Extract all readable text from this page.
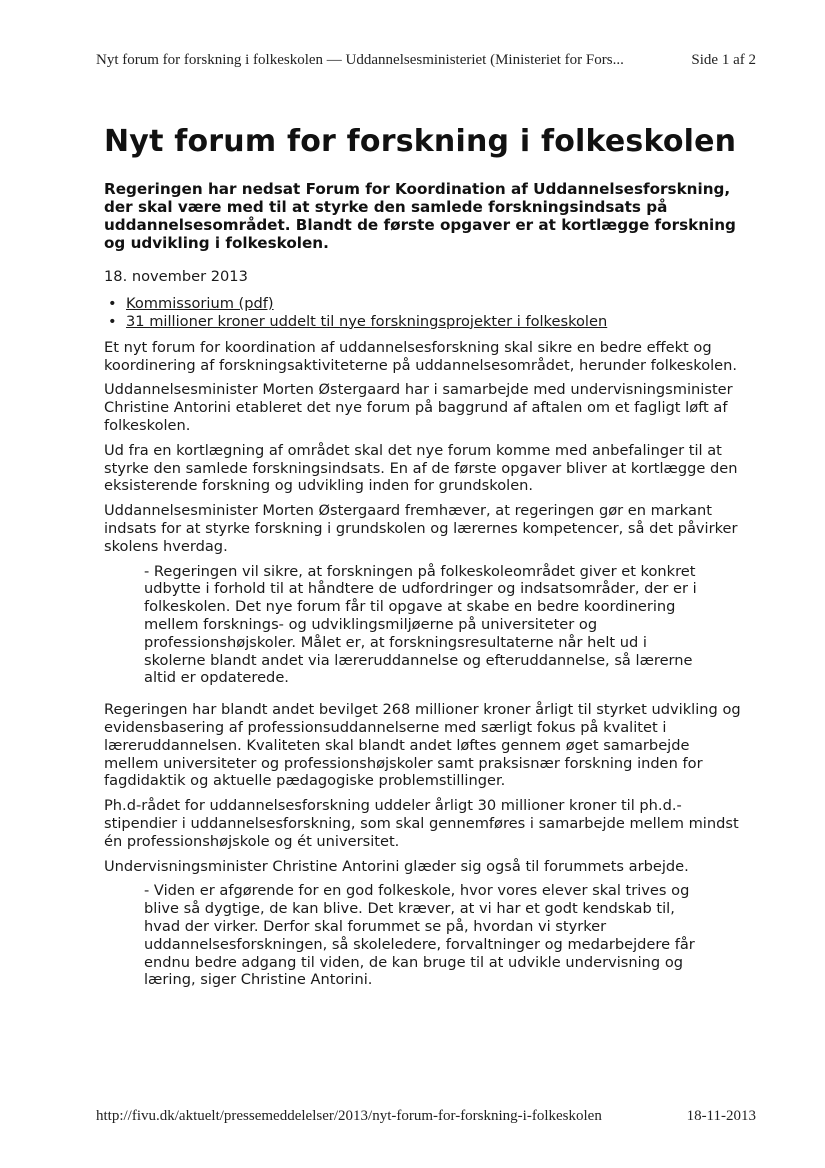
Nyt forum for forskning i folkeskolen — Uddannelsesministeriet (Ministeriet for Fors...	Side 1 af 2
Nyt forum for forskning i folkeskolen

Regeringen har nedsat Forum for Koordination af Uddannelsesforskning, der skal være med til at styrke den samlede forskningsindsats på uddannelsesområdet. Blandt de første opgaver er at kortlægge forskning og udvikling i folkeskolen.

18. november 2013

• Kommissorium (pdf)
• 31 millioner kroner uddelt til nye forskningsprojekter i folkeskolen

Et nyt forum for koordination af uddannelsesforskning skal sikre en bedre effekt og koordinering af forskningsaktiviteterne på uddannelsesområdet, herunder folkeskolen.

Uddannelsesminister Morten Østergaard har i samarbejde med undervisningsminister Christine Antorini etableret det nye forum på baggrund af aftalen om et fagligt løft af folkeskolen.

Ud fra en kortlægning af området skal det nye forum komme med anbefalinger til at styrke den samlede forskningsindsats. En af de første opgaver bliver at kortlægge den eksisterende forskning og udvikling inden for grundskolen.

Uddannelsesminister Morten Østergaard fremhæver, at regeringen gør en markant indsats for at styrke forskning i grundskolen og lærernes kompetencer, så det påvirker skolens hverdag.

- Regeringen vil sikre, at forskningen på folkeskoleområdet giver et konkret udbytte i forhold til at håndtere de udfordringer og indsatsområder, der er i folkeskolen. Det nye forum får til opgave at skabe en bedre koordinering mellem forsknings- og udviklingsmiljøerne på universiteter og professionshøjskoler. Målet er, at forskningsresultaterne når helt ud i skolerne blandt andet via læreruddannelse og efteruddannelse, så lærerne altid er opdaterede.

Regeringen har blandt andet bevilget 268 millioner kroner årligt til styrket udvikling og evidensbasering af professionsuddannelserne med særligt fokus på kvalitet i læreruddannelsen. Kvaliteten skal blandt andet løftes gennem øget samarbejde mellem universiteter og professionshøjskoler samt praksisnær forskning inden for fagdidaktik og aktuelle pædagogiske problemstillinger.

Ph.d-rådet for uddannelsesforskning uddeler årligt 30 millioner kroner til ph.d.-stipendier i uddannelsesforskning, som skal gennemføres i samarbejde mellem mindst én professionshøjskole og ét universitet.

Undervisningsminister Christine Antorini glæder sig også til forummets arbejde.

- Viden er afgørende for en god folkeskole, hvor vores elever skal trives og blive så dygtige, de kan blive. Det kræver, at vi har et godt kendskab til, hvad der virker. Derfor skal forummet se på, hvordan vi styrker uddannelsesforskningen, så skoleledere, forvaltninger og medarbejdere får endnu bedre adgang til viden, de kan bruge til at udvikle undervisning og læring, siger Christine Antorini.
http://fivu.dk/aktuelt/pressemeddelelser/2013/nyt-forum-for-forskning-i-folkeskolen	18-11-2013
